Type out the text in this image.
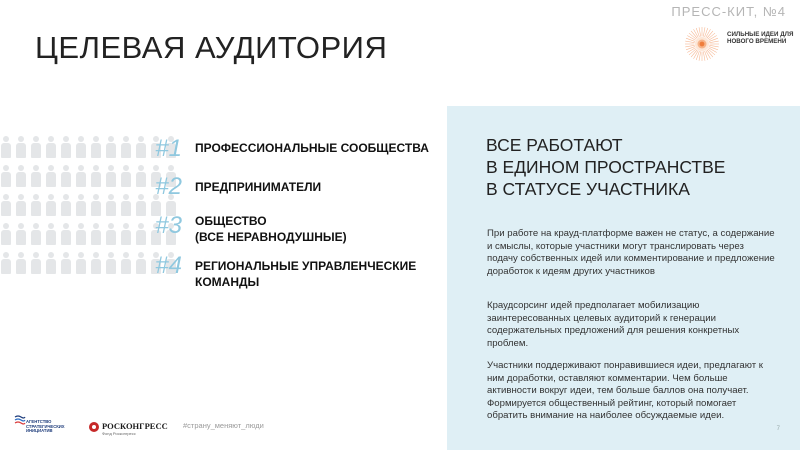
ПРЕСС-КИТ, №4
ЦЕЛЕВАЯ АУДИТОРИЯ	СИЛЬНЫЕ ИДЕИ ДЛЯ НОВОГО ВРЕМЕНИ
#1 ПРОФЕССИОНАЛЬНЫЕ СООБЩЕСТВА
#2 ПРЕДПРИНИМАТЕЛИ
#3 ОБЩЕСТВО
(ВСЕ НЕРАВНОДУШНЫЕ)
#4 РЕГИОНАЛЬНЫЕ УПРАВЛЕНЧЕСКИЕ
КОМАНДЫ
ВСЕ РАБОТАЮТ
В ЕДИНОМ ПРОСТРАНСТВЕ
В СТАТУСЕ УЧАСТНИКА
При работе на крауд-платформе важен не статус, а содержание и смыслы, которые участники могут транслировать через подачу собственных идей или комментирование и предложение доработок к идеям других участников
Краудсорсинг идей предполагает мобилизацию заинтересованных целевых аудиторий к генерации содержательных предложений для решения конкретных проблем.
Участники поддерживают понравившиеся идеи, предлагают к ним доработки, оставляют комментарии. Чем больше активности вокруг идеи, тем больше баллов она получает. Формируется общественный рейтинг, который помогает обратить внимание на наиболее обсуждаемые идеи.
7
АГЕНТСТВО
СТРАТЕГИЧЕСКИХ
ИНИЦИАТИВ	РОСКОНГРЕСС
Фонд Росконгресс
#страну_меняют_люди
